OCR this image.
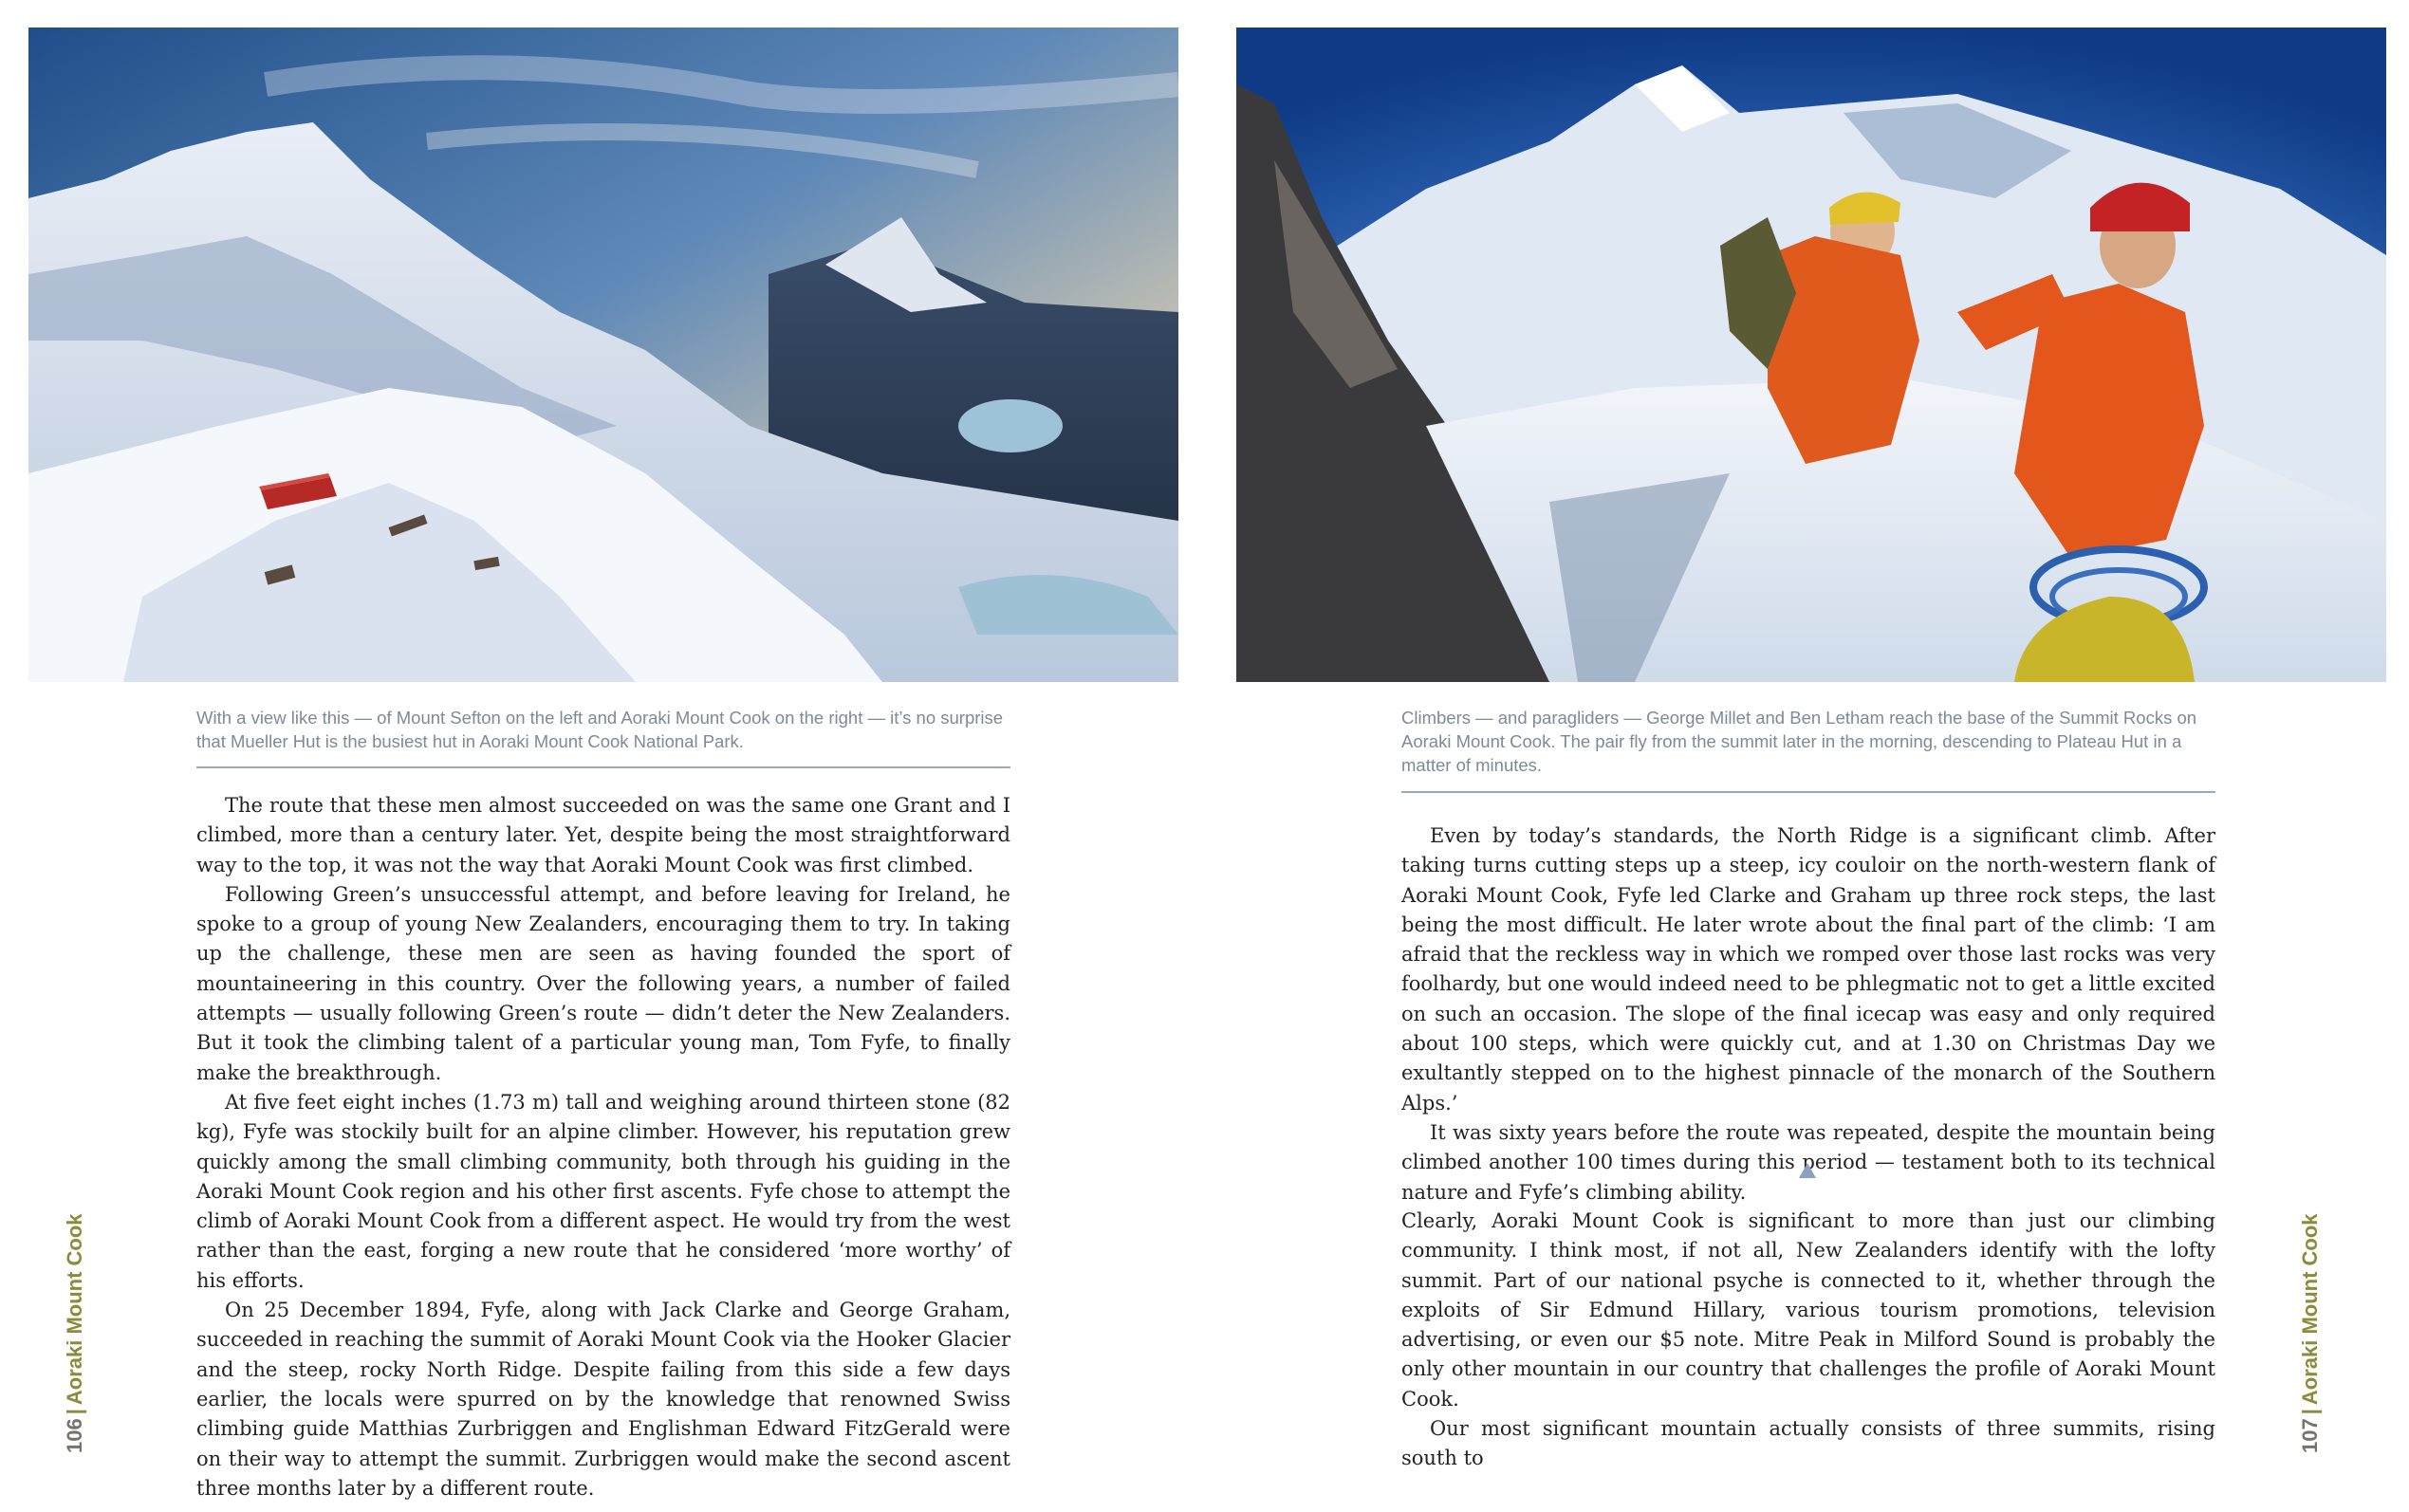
With a view like this — of Mount Sefton on the left and Aoraki Mount Cook on the right — it’s no surprise that Mueller Hut is the busiest hut in Aoraki Mount Cook National Park.

The route that these men almost succeeded on was the same one Grant and I climbed, more than a century later. Yet, despite being the most straightforward way to the top, it was not the way that Aoraki Mount Cook was first climbed.

Following Green’s unsuccessful attempt, and before leaving for Ireland, he spoke to a group of young New Zealanders, encouraging them to try. In taking up the challenge, these men are seen as having founded the sport of mountaineering in this country. Over the following years, a number of failed attempts — usually following Green’s route — didn’t deter the New Zealanders. But it took the climbing talent of a particular young man, Tom Fyfe, to finally make the breakthrough.

At five feet eight inches (1.73 m) tall and weighing around thirteen stone (82 kg), Fyfe was stockily built for an alpine climber. However, his reputation grew quickly among the small climbing community, both through his guiding in the Aoraki Mount Cook region and his other first ascents. Fyfe chose to attempt the climb of Aoraki Mount Cook from a different aspect. He would try from the west rather than the east, forging a new route that he considered ‘more worthy’ of his efforts.

On 25 December 1894, Fyfe, along with Jack Clarke and George Graham, succeeded in reaching the summit of Aoraki Mount Cook via the Hooker Glacier and the steep, rocky North Ridge. Despite failing from this side a few days earlier, the locals were spurred on by the knowledge that renowned Swiss climbing guide Matthias Zurbriggen and Englishman Edward FitzGerald were on their way to attempt the summit. Zurbriggen would make the second ascent three months later by a different route.

106|Aoraki Mount Cook
Climbers — and paragliders — George Millet and Ben Letham reach the base of the Summit Rocks on Aoraki Mount Cook. The pair fly from the summit later in the morning, descending to Plateau Hut in a matter of minutes.

Even by today’s standards, the North Ridge is a significant climb. After taking turns cutting steps up a steep, icy couloir on the north-western flank of Aoraki Mount Cook, Fyfe led Clarke and Graham up three rock steps, the last being the most difficult. He later wrote about the final part of the climb: ‘I am afraid that the reckless way in which we romped over those last rocks was very foolhardy, but one would indeed need to be phlegmatic not to get a little excited on such an occasion. The slope of the final icecap was easy and only required about 100 steps, which were quickly cut, and at 1.30 on Christmas Day we exultantly stepped on to the highest pinnacle of the monarch of the Southern Alps.’

It was sixty years before the route was repeated, despite the mountain being climbed another 100 times during this period — testament both to its technical nature and Fyfe’s climbing ability.

Clearly, Aoraki Mount Cook is significant to more than just our climbing community. I think most, if not all, New Zealanders identify with the lofty summit. Part of our national psyche is connected to it, whether through the exploits of Sir Edmund Hillary, various tourism promotions, television advertising, or even our $5 note. Mitre Peak in Milford Sound is probably the only other mountain in our country that challenges the profile of Aoraki Mount Cook.

Our most significant mountain actually consists of three summits, rising south to

107|Aoraki Mount Cook
